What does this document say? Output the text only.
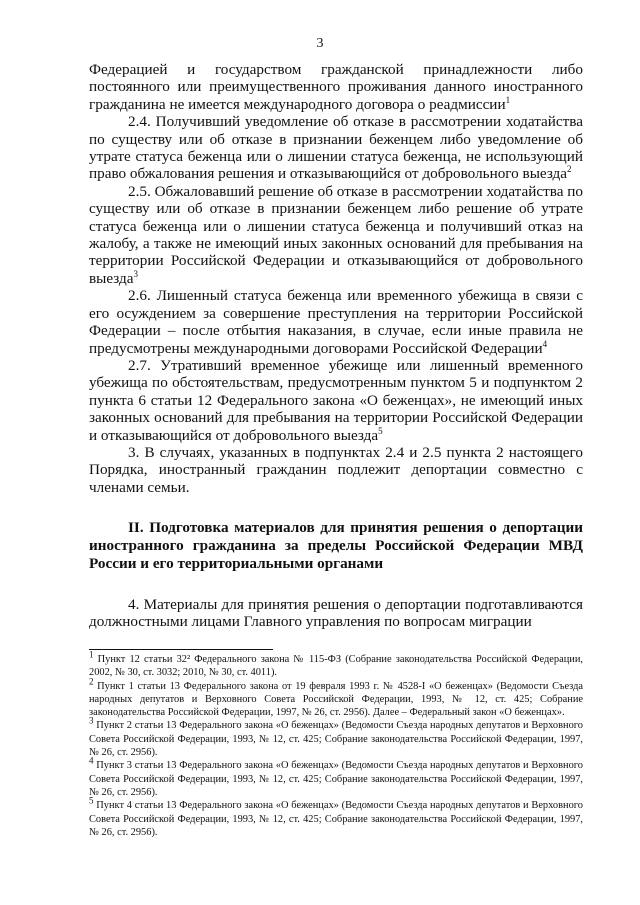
3

Федерацией и государством гражданской принадлежности либо постоянного или преимущественного проживания данного иностранного гражданина не имеется международного договора о реадмиссии$^1$

2.4. Получивший уведомление об отказе в рассмотрении ходатайства по существу или об отказе в признании беженцем либо уведомление об утрате статуса беженца или о лишении статуса беженца, не использующий право обжалования решения и отказывающийся от добровольного выезда$^2$

2.5. Обжаловавший решение об отказе в рассмотрении ходатайства по существу или об отказе в признании беженцем либо решение об утрате статуса беженца или о лишении статуса беженца и получивший отказ на жалобу, а также не имеющий иных законных оснований для пребывания на территории Российской Федерации и отказывающийся от добровольного выезда$^3$

2.6. Лишенный статуса беженца или временного убежища в связи с его осуждением за совершение преступления на территории Российской Федерации – после отбытия наказания, в случае, если иные правила не предусмотрены международными договорами Российской Федерации$^4$

2.7. Утративший временное убежище или лишенный временного убежища по обстоятельствам, предусмотренным пунктом 5 и подпунктом 2 пункта 6 статьи 12 Федерального закона «О беженцах», не имеющий иных законных оснований для пребывания на территории Российской Федерации и отказывающийся от добровольного выезда$^5$

3. В случаях, указанных в подпунктах 2.4 и 2.5 пункта 2 настоящего Порядка, иностранный гражданин подлежит депортации совместно с членами семьи.

II. Подготовка материалов для принятия решения о депортации иностранного гражданина за пределы Российской Федерации МВД России и его территориальными органами

4. Материалы для принятия решения о депортации подготавливаются должностными лицами Главного управления по вопросам миграции

$^1$ Пункт 12 статьи 32² Федерального закона № 115-ФЗ (Собрание законодательства Российской Федерации, 2002, № 30, ст. 3032; 2010, № 30, ст. 4011).

$^2$ Пункт 1 статьи 13 Федерального закона от 19 февраля 1993 г. № 4528-I «О беженцах» (Ведомости Съезда народных депутатов и Верховного Совета Российской Федерации, 1993, № 12, ст. 425; Собрание законодательства Российской Федерации, 1997, № 26, ст. 2956). Далее – Федеральный закон «О беженцах».

$^3$ Пункт 2 статьи 13 Федерального закона «О беженцах» (Ведомости Съезда народных депутатов и Верховного Совета Российской Федерации, 1993, № 12, ст. 425; Собрание законодательства Российской Федерации, 1997, № 26, ст. 2956).

$^4$ Пункт 3 статьи 13 Федерального закона «О беженцах» (Ведомости Съезда народных депутатов и Верховного Совета Российской Федерации, 1993, № 12, ст. 425; Собрание законодательства Российской Федерации, 1997, № 26, ст. 2956).

$^5$ Пункт 4 статьи 13 Федерального закона «О беженцах» (Ведомости Съезда народных депутатов и Верховного Совета Российской Федерации, 1993, № 12, ст. 425; Собрание законодательства Российской Федерации, 1997, № 26, ст. 2956).
